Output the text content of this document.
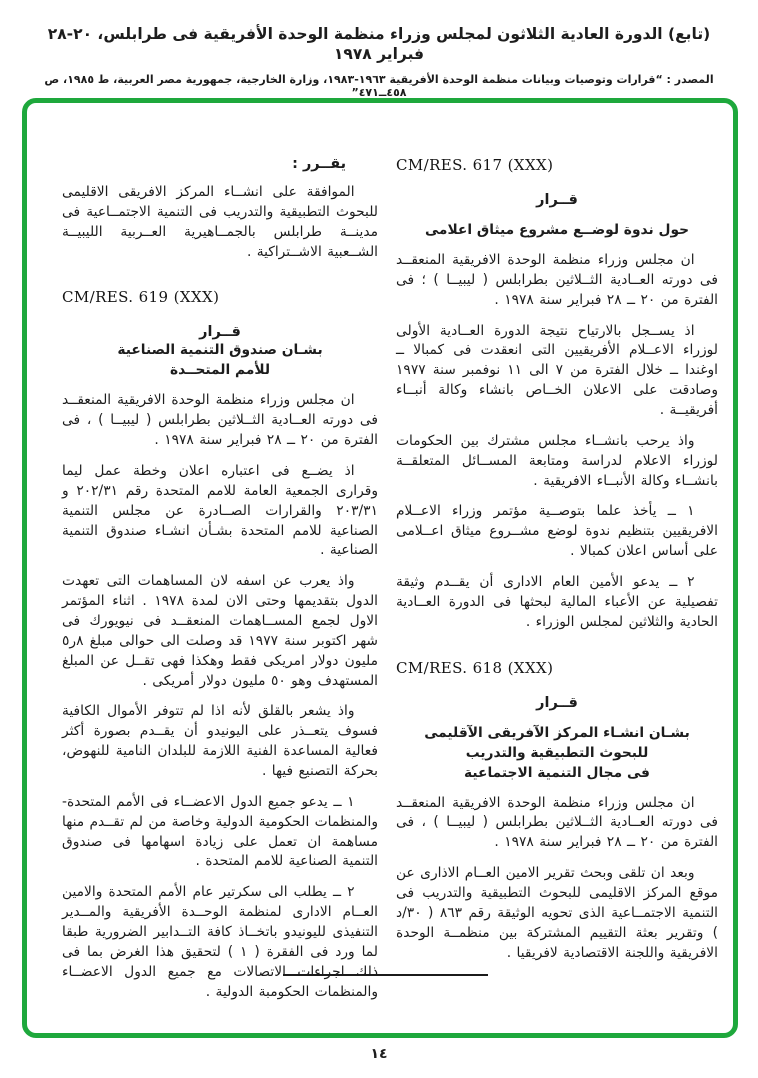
(تابع) الدورة العادية الثلاثون لمجلس وزراء منظمة الوحدة الأفريقية فى طرابلس، ٢٠-٢٨ فبراير ١٩٧٨
المصدر : “قرارات وتوصيات وبيانات منظمة الوحدة الأفريقية ١٩٦٣-١٩٨٣، وزارة الخارجية، جمهورية مصر العربية، ط ١٩٨٥، ص ٤٥٨ــ٤٧١”
CM/RES. 617 (XXX)
قــرار
حول ندوة لوضــع مشروع ميثاق اعلامى

ان مجلس وزراء منظمة الوحدة الافريقية المنعقــد فى دورته العــادية الثــلاثين بطرابلس ( ليبيــا ) ؛ فى الفترة من ٢٠ ــ ٢٨ فبراير سنة ١٩٧٨ .

اذ يســجل بالارتياح نتيجة الدورة العــادية الأولى لوزراء الاعــلام الأفريقيين التى انعقدت فى كمبالا ــ اوغندا ــ خلال الفترة من ٧ الى ١١ نوفمبر سنة ١٩٧٧ وصادقت على الاعلان الخــاص بانشاء وكالة أنبــاء أفريقيــة .

واذ يرحب بانشــاء مجلس مشترك بين الحكومات لوزراء الاعلام لدراسة ومتابعة المســائل المتعلقــة بانشــاء وكالة الأنبــاء الافريقية .

١ ــ يأخذ علما بتوصــية مؤتمر وزراء الاعــلام الافريقيين بتنظيم ندوة لوضع مشــروع ميثاق اعــلامى على أساس اعلان كمبالا .

٢ ــ يدعو الأمين العام الادارى أن يقــدم وثيقة تفصيلية عن الأعباء المالية لبحثها فى الدورة العــادية الحادية والثلاثين لمجلس الوزراء .

CM/RES. 618 (XXX)
قــرار
بشـان انشـاء المركز الآفريقى الآقليمى
للبحوث التطبيقية والتدريب
فى مجال التنمية الاجتماعية

ان مجلس وزراء منظمة الوحدة الافريقية المنعقــد فى دورته العــادية الثــلاثين بطرابلس ( ليبيــا ) ، فى الفترة من ٢٠ ــ ٢٨ فبراير سنة ١٩٧٨ .

وبعد ان تلقى وبحث تقرير الامين العــام الاذارى عن موقع المركز الاقليمى للبحوث التطبيقية والتدريب فى التنمية الاجتمــاعية الذى تحويه الوثيقة رقم ٨٦٣ ( ٣٠/د ) وتقرير بعثة التقييم المشتركة بين منظمــة الوحدة الافريقية واللجنة الاقتصادية لافريقيا .

يقــرر :

الموافقة على انشــاء المركز الافريقى الاقليمى للبحوث التطبيقية والتدريب فى التنمية الاجتمــاعية فى مدينــة طرابلس بالجمــاهيرية العــربية الليبيــة الشــعبية الاشــتراكية .

CM/RES. 619 (XXX)
قــرار
بشـان صندوق التنمية الصناعية
للأمم المتحــدة

ان مجلس وزراء منظمة الوحدة الافريقية المنعقــد فى دورته العــادية الثــلاثين بطرابلس ( ليبيــا ) ، فى الفترة من ٢٠ ــ ٢٨ فبراير سنة ١٩٧٨ .

اذ يضــع فى اعتباره اعلان وخطة عمل ليما وقرارى الجمعية العامة للامم المتحدة رقم ٢٠٢/٣١ و ٢٠٣/٣١ والقرارات الصــادرة عن مجلس التنمية الصناعية للامم المتحدة بشـأن انشـاء صندوق التنمية الصناعية .

واذ يعرب عن اسفه لان المساهمات التى تعهدت الدول بتقديمها وحتى الان لمدة ١٩٧٨ . اثناء المؤتمر الاول لجمع المســاهمات المنعقــد فى نيويورك فى شهر اكتوبر سنة ١٩٧٧ قد وصلت الى حوالى مبلغ ٨ر٥ مليون دولار امريكى فقط وهكذا فهى تقــل عن المبلغ المستهدف وهو ٥٠ مليون دولار أمريكى .

واذ يشعر بالقلق لأنه اذا لم تتوفر الأموال الكافية فسوف يتعــذر على اليونيدو أن يقــدم بصورة أكثر فعالية المساعدة الفنية اللازمة للبلدان النامية للنهوض، بحركة التصنيع فيها .

١ ــ يدعو جميع الدول الاعضــاء فى الأمم المتحدة- والمنظمات الحكومية الدولية وخاصة من لم تقــدم منها مساهمة ان تعمل على زيادة اسهامها فى صندوق التنمية الصناعية للامم المتحدة .

٢ ــ يطلب الى سكرتير عام الأمم المتحدة والامين العــام الادارى لمنظمة الوحــدة الأفريقية والمــدير التنفيذى لليونيدو باتخــاذ كافة التــدابير الضرورية طبقا لما ورد فى الفقرة ( ١ ) لتحقيق هذا الغرض بما فى ذلك اجراءات الاتصالات مع جميع الدول الاعضــاء والمنظمات الحكومبة الدولية .

١٤
